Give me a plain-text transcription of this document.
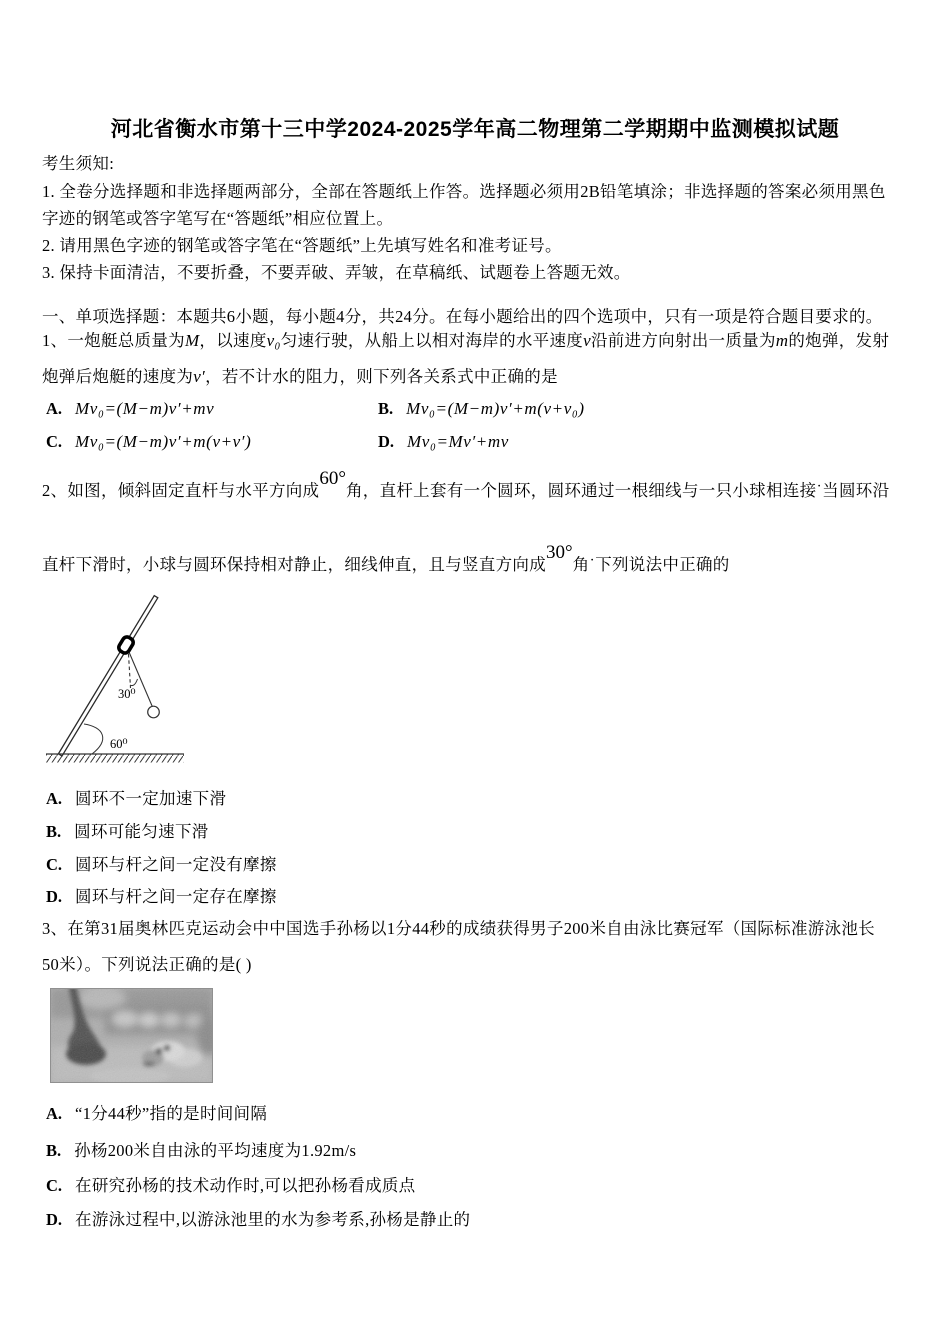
河北省衡水市第十三中学2024-2025学年高二物理第二学期期中监测模拟试题
考生须知:
1. 全卷分选择题和非选择题两部分，全部在答题纸上作答。选择题必须用2B铅笔填涂；非选择题的答案必须用黑色
字迹的钢笔或答字笔写在“答题纸”相应位置上。
2. 请用黑色字迹的钢笔或答字笔在“答题纸”上先填写姓名和准考证号。
3. 保持卡面清洁，不要折叠，不要弄破、弄皱，在草稿纸、试题卷上答题无效。
一、单项选择题：本题共6小题，每小题4分，共24分。在每小题给出的四个选项中，只有一项是符合题目要求的。
1、一炮艇总质量为M，以速度v₀匀速行驶，从船上以相对海岸的水平速度v沿前进方向射出一质量为m的炮弹，发射
炮弹后炮艇的速度为v′，若不计水的阻力，则下列各关系式中正确的是
A. Mv₀=(M−m)v′+mv	B. Mv₀=(M−m)v′+m(v+v₀)
C. Mv₀=(M−m)v′+m(v+v′)	D. Mv₀=Mv′+mv
2、如图，倾斜固定直杆与水平方向成60°角，直杆上套有一个圆环，圆环通过一根细线与一只小球相连接˙当圆环沿
直杆下滑时，小球与圆环保持相对静止，细线伸直，且与竖直方向成30°角˙下列说法中正确的
30⁰
60⁰
A. 圆环不一定加速下滑
B. 圆环可能匀速下滑
C. 圆环与杆之间一定没有摩擦
D. 圆环与杆之间一定存在摩擦
3、在第31届奥林匹克运动会中中国选手孙杨以1分44秒的成绩获得男子200米自由泳比赛冠军（国际标准游泳池长
50米）。下列说法正确的是( )
A. “1分44秒”指的是时间间隔
B. 孙杨200米自由泳的平均速度为1.92m/s
C. 在研究孙杨的技术动作时,可以把孙杨看成质点
D. 在游泳过程中,以游泳池里的水为参考系,孙杨是静止的
